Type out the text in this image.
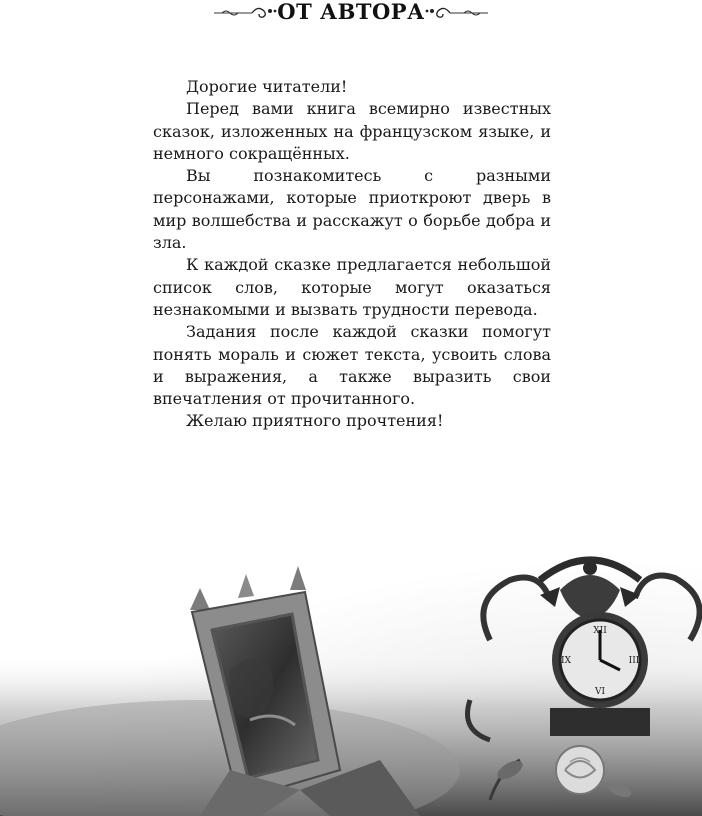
ОТ АВТОРА

Дорогие читатели!

Перед вами книга всемирно известных сказок, изложенных на французском языке, и немного сокращённых.

Вы познакомитесь с разными персонажами, которые приоткроют дверь в мир волшебства и расскажут о борьбе добра и зла.

К каждой сказке предлагается небольшой список слов, которые могут оказаться незнакомыми и вызвать трудности перевода.

Задания после каждой сказки помогут понять мораль и сюжет текста, усвоить слова и выражения, а также выразить свои впечатления от прочитанного.

Желаю приятного прочтения!

XII
III
VI
IX
